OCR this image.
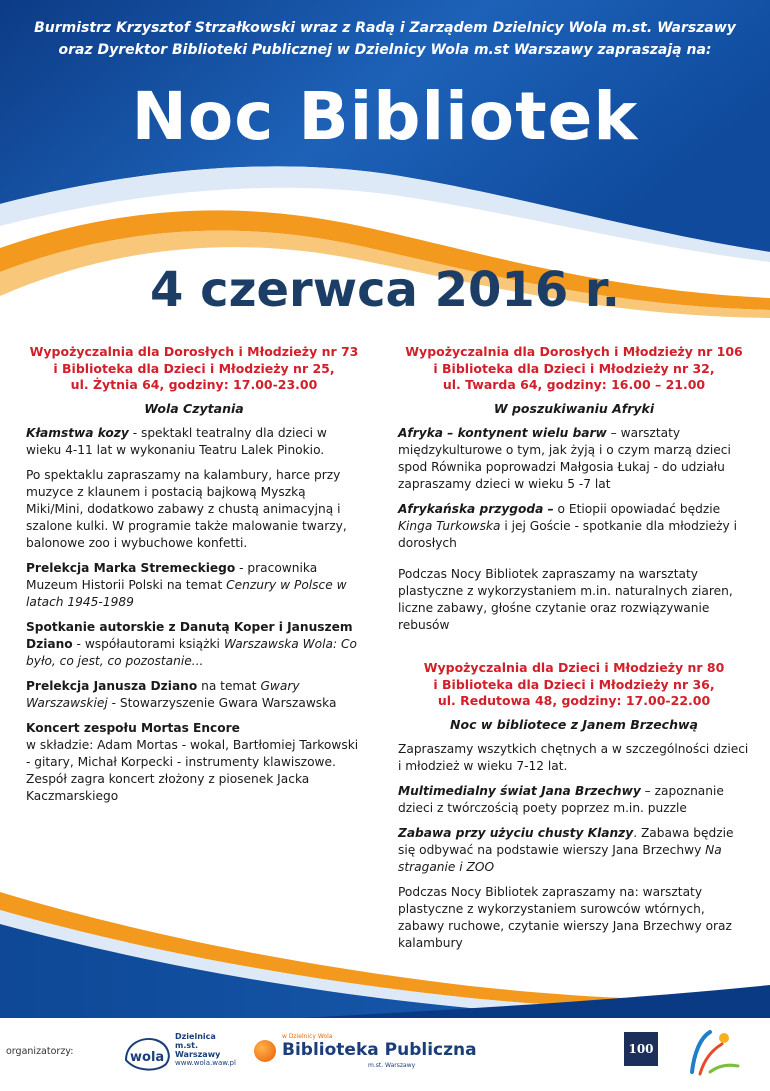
Burmistrz Krzysztof Strzałkowski wraz z Radą i Zarządem Dzielnicy Wola m.st. Warszawy
oraz Dyrektor Biblioteki Publicznej w Dzielnicy Wola m.st Warszawy zapraszają na:
Noc Bibliotek
4 czerwca 2016 r.
Wypożyczalnia dla Dorosłych i Młodzieży nr 73
i Biblioteka dla Dzieci i Młodzieży nr 25,
ul. Żytnia 64, godziny: 17.00-23.00
Wola Czytania

Kłamstwa kozy - spektakl teatralny dla dzieci w wieku 4-11 lat w wykonaniu Teatru Lalek Pinokio.

Po spektaklu zapraszamy na kalambury, harce przy muzyce z klaunem i postacią bajkową Myszką Miki/Mini, dodatkowo zabawy z chustą animacyjną i szalone kulki. W programie także malowanie twarzy, balonowe zoo i wybuchowe konfetti.

Prelekcja Marka Stremeckiego - pracownika Muzeum Historii Polski na temat Cenzury w Polsce w latach 1945-1989

Spotkanie autorskie z Danutą Koper i Januszem Dziano - współautorami książki Warszawska Wola: Co było, co jest, co pozostanie...

Prelekcja Janusza Dziano na temat Gwary Warszawskiej - Stowarzyszenie Gwara Warszawska

Koncert zespołu Mortas Encore
w składzie: Adam Mortas - wokal, Bartłomiej Tarkowski - gitary, Michał Korpecki - instrumenty klawiszowe. Zespół zagra koncert złożony z piosenek Jacka Kaczmarskiego

Wypożyczalnia dla Dorosłych i Młodzieży nr 106
i Biblioteka dla Dzieci i Młodzieży nr 32,
ul. Twarda 64, godziny: 16.00 – 21.00
W poszukiwaniu Afryki

Afryka – kontynent wielu barw – warsztaty międzykulturowe o tym, jak żyją i o czym marzą dzieci spod Równika poprowadzi Małgosia Łukaj - do udziału zapraszamy dzieci w wieku 5 -7 lat

Afrykańska przygoda – o Etiopii opowiadać będzie Kinga Turkowska i jej Goście - spotkanie dla młodzieży i dorosłych

Podczas Nocy Bibliotek zapraszamy na warsztaty plastyczne z wykorzystaniem m.in. naturalnych ziaren, liczne zabawy, głośne czytanie oraz rozwiązywanie rebusów

Wypożyczalnia dla Dzieci i Młodzieży nr 80
i Biblioteka dla Dzieci i Młodzieży nr 36,
ul. Redutowa 48, godziny: 17.00-22.00
Noc w bibliotece z Janem Brzechwą

Zapraszamy wszytkich chętnych a w szczególności dzieci i młodzież w wieku 7-12 lat.

Multimedialny świat Jana Brzechwy – zapoznanie dzieci z twórczością poety poprzez m.in. puzzle

Zabawa przy użyciu chusty Klanzy. Zabawa będzie się odbywać na podstawie wierszy Jana Brzechwy Na straganie i ZOO

Podczas Nocy Bibliotek zapraszamy na: warsztaty plastyczne z wykorzystaniem surowców wtórnych, zabawy ruchowe, czytanie wierszy Jana Brzechwy oraz kalambury

organizatorzy:	wola
Dzielnica
m.st.
Warszawy
www.wola.waw.pl
w Dzielnicy Wola
Biblioteka Publiczna
m.st. Warszawy
100
